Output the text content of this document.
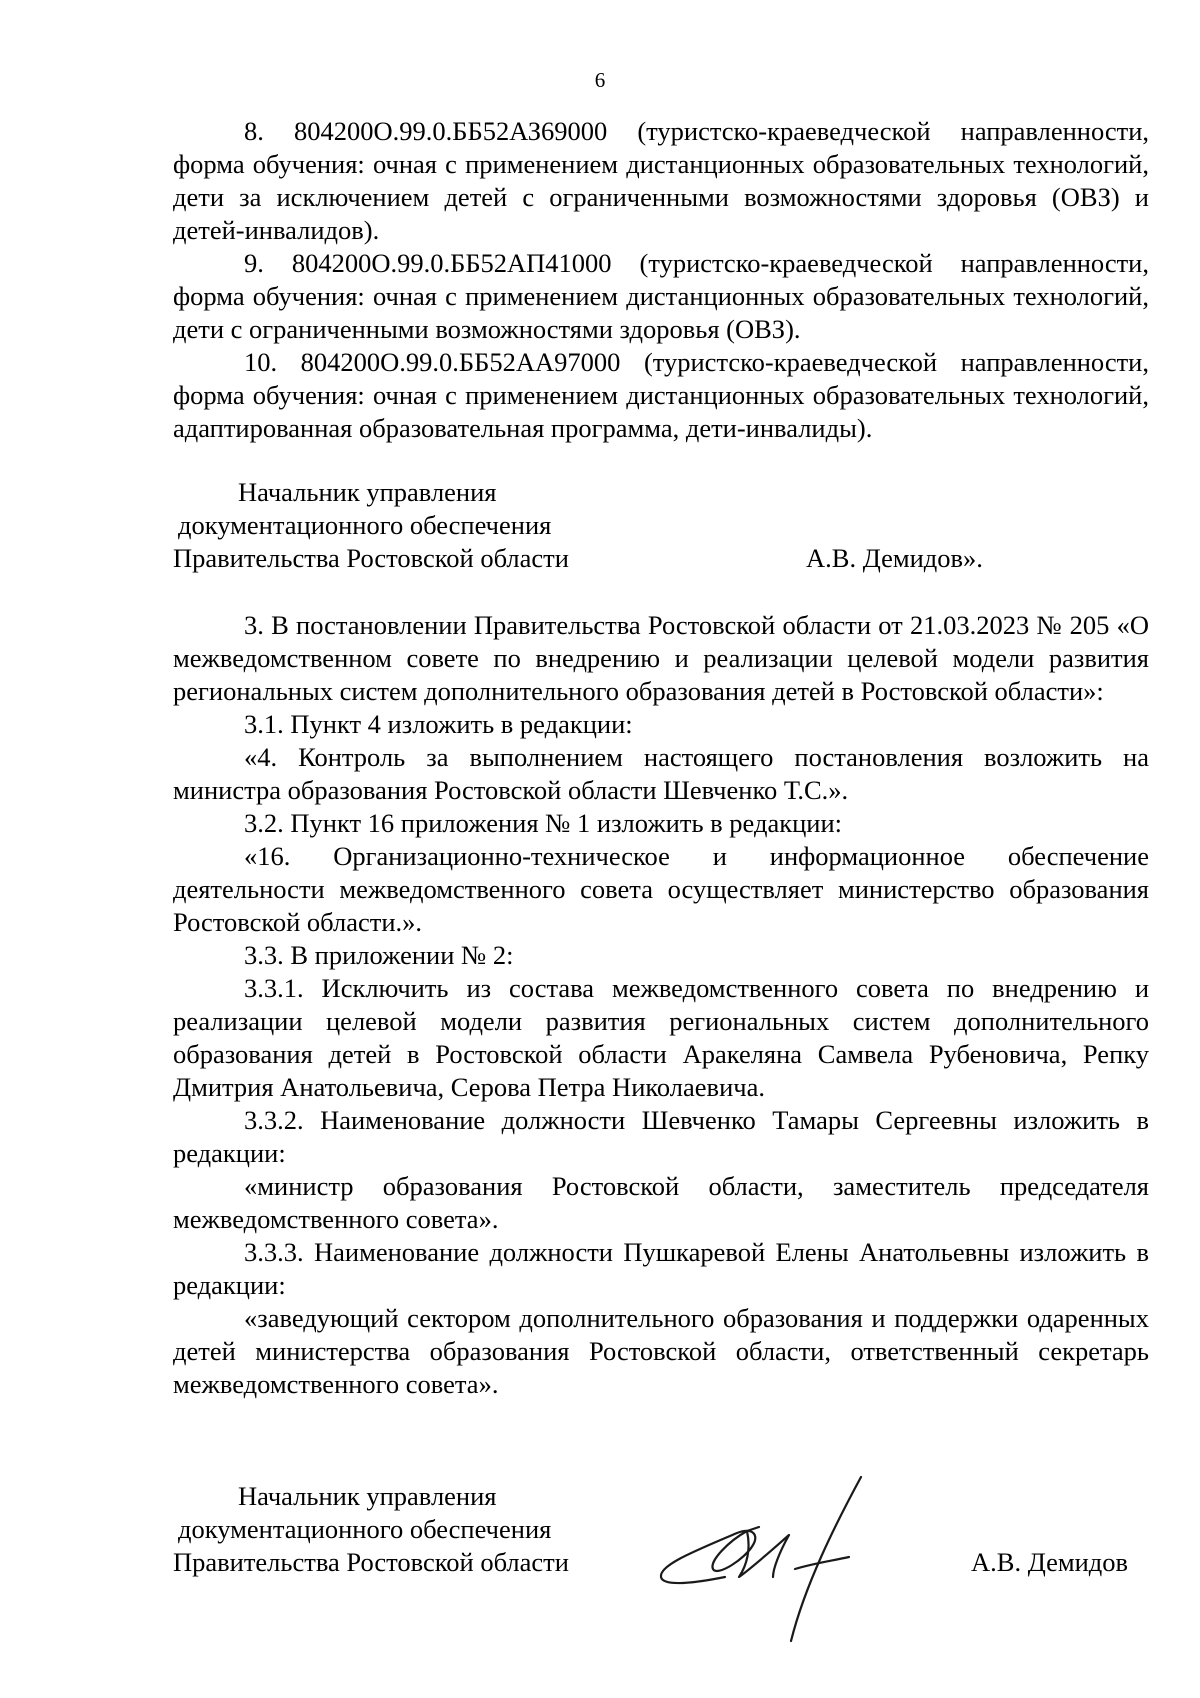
6

8. 804200О.99.0.ББ52АЗ69000 (туристско-краеведческой направленности, форма обучения: очная с применением дистанционных образовательных технологий, дети за исключением детей с ограниченными возможностями здоровья (ОВЗ) и детей-инвалидов).

9. 804200О.99.0.ББ52АП41000 (туристско-краеведческой направленности, форма обучения: очная с применением дистанционных образовательных технологий, дети с ограниченными возможностями здоровья (ОВЗ).

10. 804200О.99.0.ББ52АА97000 (туристско-краеведческой направленности, форма обучения: очная с применением дистанционных образовательных технологий, адаптированная образовательная программа, дети-инвалиды).

Начальник управления
документационного обеспечения
Правительства Ростовской области	А.В. Демидов».

3. В постановлении Правительства Ростовской области от 21.03.2023 № 205 «О межведомственном совете по внедрению и реализации целевой модели развития региональных систем дополнительного образования детей в Ростовской области»:

3.1. Пункт 4 изложить в редакции:

«4. Контроль за выполнением настоящего постановления возложить на министра образования Ростовской области Шевченко Т.С.».

3.2. Пункт 16 приложения № 1 изложить в редакции:

«16. Организационно-техническое и информационное обеспечение деятельности межведомственного совета осуществляет министерство образования Ростовской области.».

3.3. В приложении № 2:

3.3.1. Исключить из состава межведомственного совета по внедрению и реализации целевой модели развития региональных систем дополнительного образования детей в Ростовской области Аракеляна Самвела Рубеновича, Репку Дмитрия Анатольевича, Серова Петра Николаевича.

3.3.2. Наименование должности Шевченко Тамары Сергеевны изложить в редакции:

«министр образования Ростовской области, заместитель председателя межведомственного совета».

3.3.3. Наименование должности Пушкаревой Елены Анатольевны изложить в редакции:

«заведующий сектором дополнительного образования и поддержки одаренных детей министерства образования Ростовской области, ответственный секретарь межведомственного совета».

Начальник управления
документационного обеспечения
Правительства Ростовской области	А.В. Демидов
